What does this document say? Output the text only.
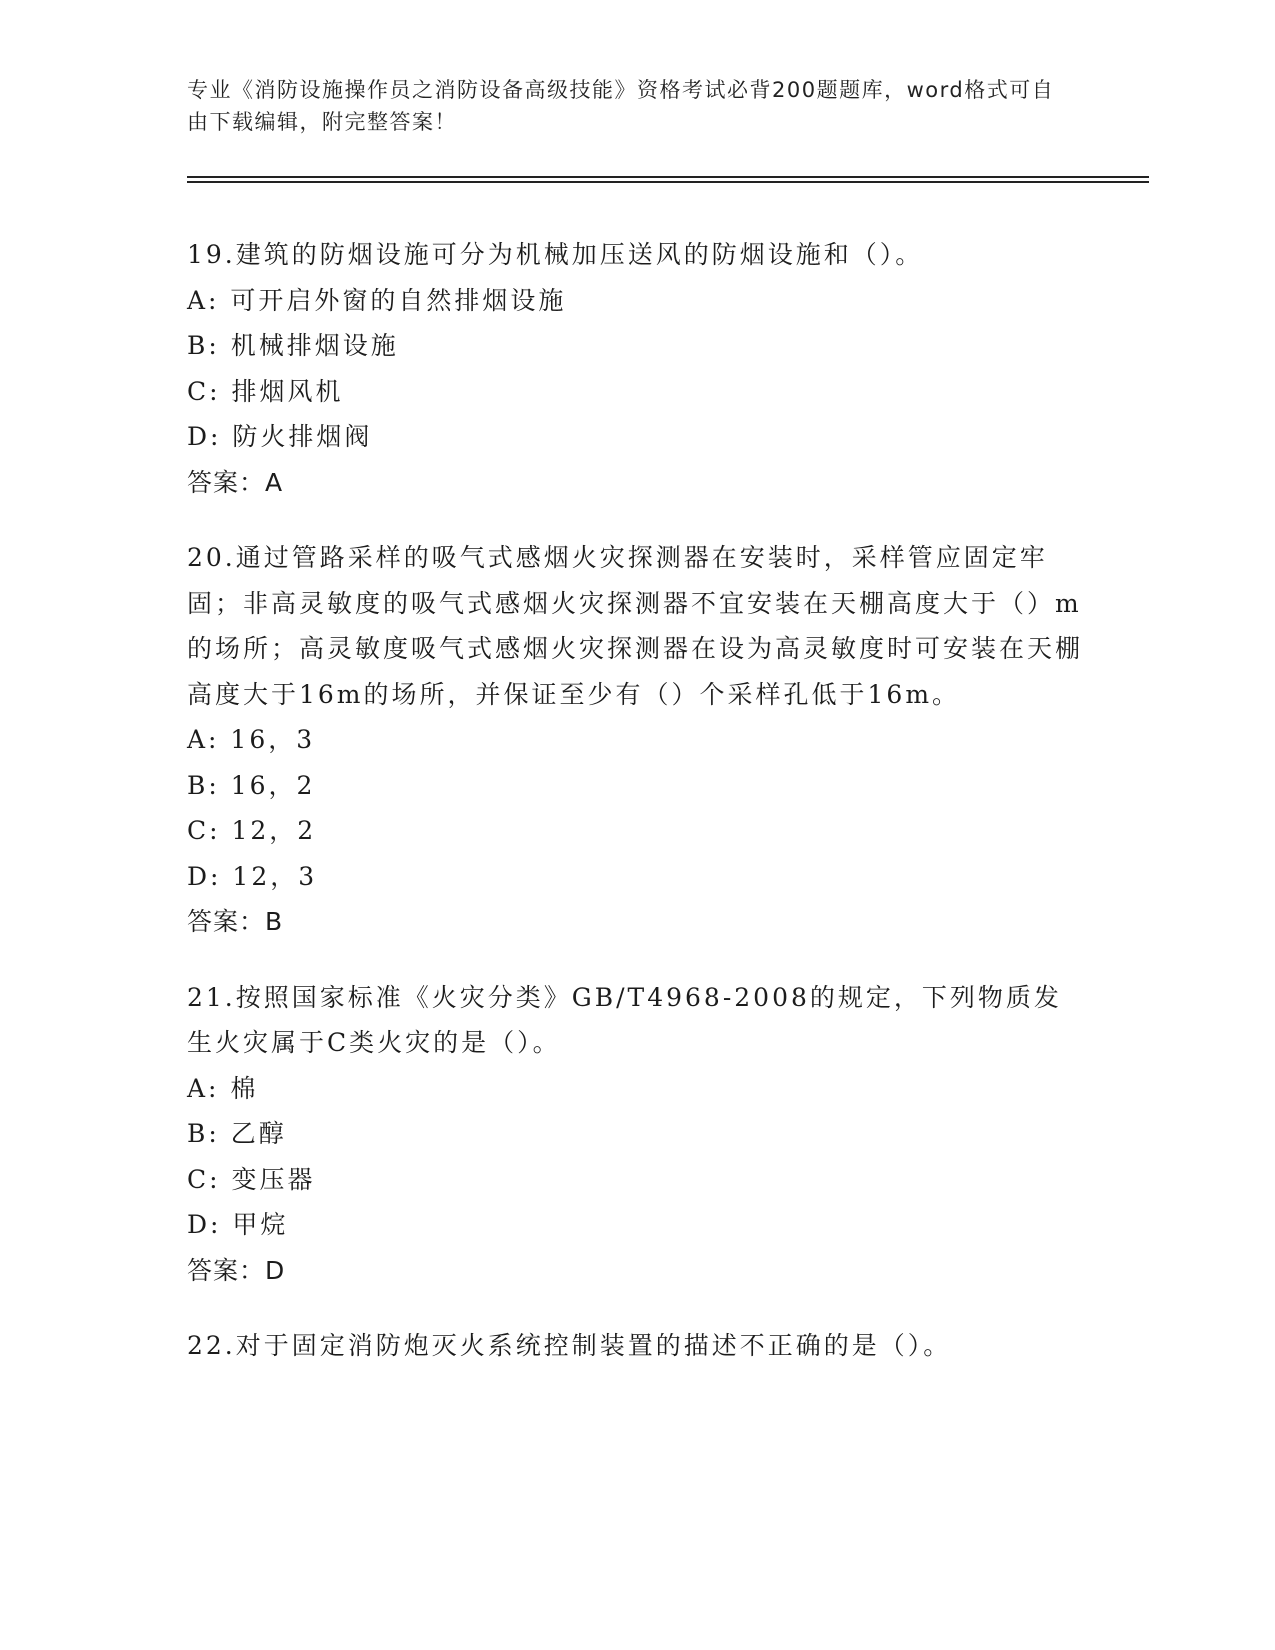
专业《消防设施操作员之消防设备高级技能》资格考试必背200题题库，word格式可自由下载编辑，附完整答案！

19.建筑的防烟设施可分为机械加压送风的防烟设施和（）。

A: 可开启外窗的自然排烟设施

B: 机械排烟设施

C: 排烟风机

D: 防火排烟阀

答案：A

20.通过管路采样的吸气式感烟火灾探测器在安装时，采样管应固定牢固；非高灵敏度的吸气式感烟火灾探测器不宜安装在天棚高度大于（）m的场所；高灵敏度吸气式感烟火灾探测器在设为高灵敏度时可安装在天棚高度大于16m的场所，并保证至少有（）个采样孔低于16m。

A: 16，3

B: 16，2

C: 12，2

D: 12，3

答案：B

21.按照国家标准《火灾分类》GB/T4968-2008的规定，下列物质发生火灾属于C类火灾的是（）。

A: 棉

B: 乙醇

C: 变压器

D: 甲烷

答案：D

22.对于固定消防炮灭火系统控制装置的描述不正确的是（）。
